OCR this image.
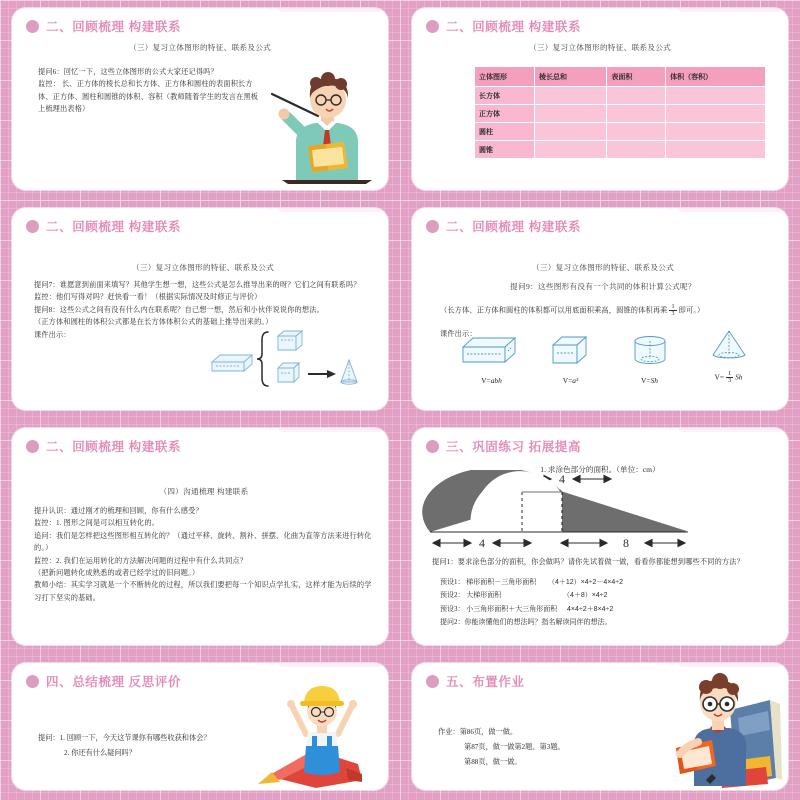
二、回顾梳理 构建联系
（三）复习立体图形的特征、联系及公式

提问6：回忆一下，这些立体图形的公式大家还记得吗？

监控： 长、正方体的棱长总和长方体、正方体和圆柱的表面积长方体、正方体、圆柱和圆锥的体积、容积（教师随着学生的发言在黑板上梳理出表格）

二、回顾梳理 构建联系
（三）复习立体图形的特征、联系及公式
立体图形	棱长总和	表面积	体积（容积）
长方体			
正方体			
圆柱			
圆锥			
二、回顾梳理 构建联系
（三）复习立体图形的特征、联系及公式

提问7：谁愿意到前面来填写？其他学生想一想，这些公式是怎么推导出来的呀？它们之间有联系吗？

监控：他们写得对吗？赶快看一看！（根据实际情况及时修正与评价）

提问8：这些公式之间有没有什么内在联系呢？自己想一想，然后和小伙伴说说你的想法。

（正方体和圆柱的体积公式都是在长方体体积公式的基础上推导出来的。）

课件出示：

二、回顾梳理 构建联系
（三）复习立体图形的特征、联系及公式
提问9：这些图形有没有一个共同的体积计算公式呢？
（长方体、正方体和圆柱的体积都可以用底面积乘高，圆锥的体积再乘 $\frac{1}{3}$ 即可。）
课件出示：
V=abh	V=a³	V=Sh	$V= \frac{1}{3}$ Sh
二、回顾梳理 构建联系
（四）沟通梳理 构建联系

提升认识：通过刚才的梳理和回顾，你有什么感受？

监控：1. 图形之间是可以相互转化的。

追问：我们是怎样把这些图形相互转化的？（通过平移、旋转、割补、拼摆、化曲为直等方法来进行转化的。）

监控：2. 我们在运用转化的方法解决问题的过程中有什么共同点？

（把新问题转化成熟悉的或者已经学过的旧问题。）

教师小结：其实学习就是一个不断转化的过程，所以我们要把每一个知识点学扎实，这样才能为后续的学习打下坚实的基础。

三、巩固练习 拓展提高
1. 求涂色部分的面积。（单位：cm）
4
4	8
提问1：要求涂色部分的面积，你会做吗？请你先试着做一做，看看你都能想到哪些不同的方法？
预设1： 梯形面积－三角形面积 （4＋12）×4÷2－4×4÷2
预设2： 大梯形面积	（4＋8）×4÷2
预设3： 小三角形面积＋大三角形面积 4×4÷2＋8×4÷2
提问2：你能读懂他们的想法吗？指名解读同伴的想法。
四、总结梳理 反思评价

提问：1. 回顾一下，今天这节课你有哪些收获和体会？

2. 你还有什么疑问吗？

五、布置作业

作业：第86页，做一做。

第87页，做一做第2题、第3题。

第88页，做一做。
